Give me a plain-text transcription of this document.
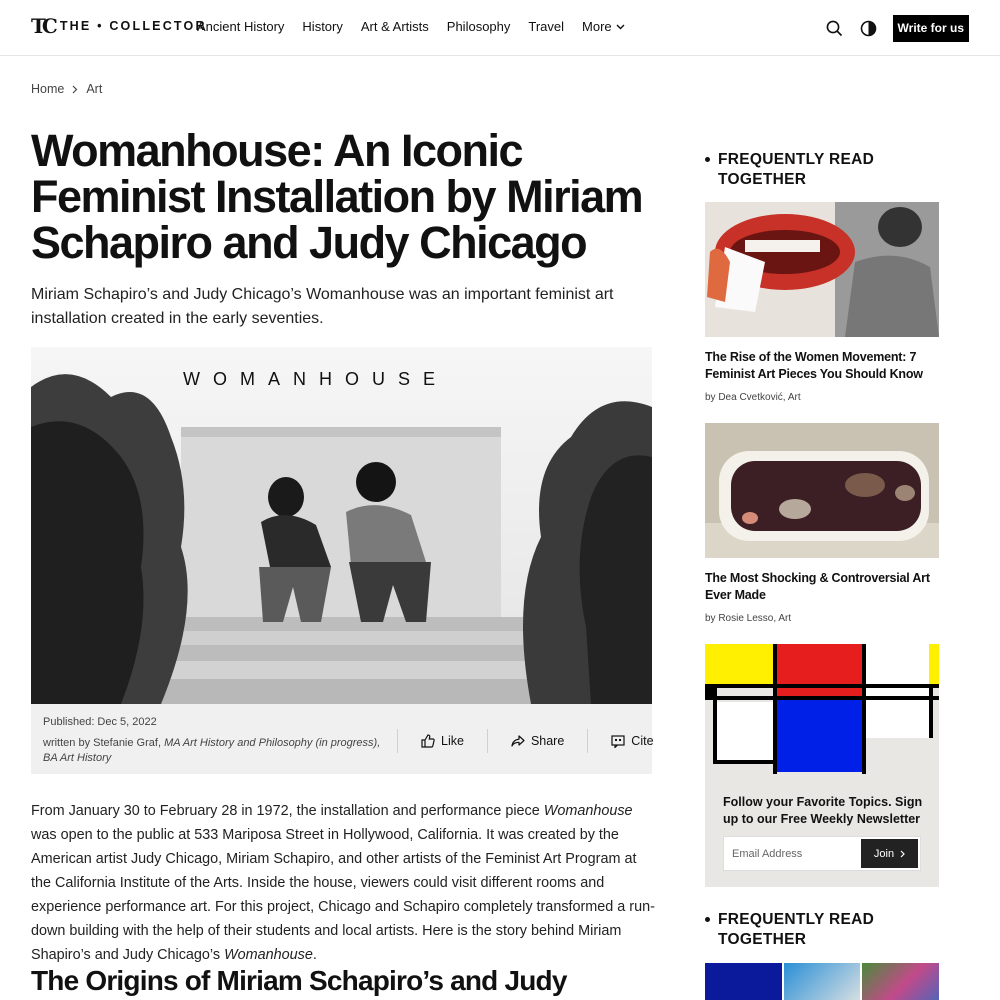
TC THE • COLLECTOR
Ancient History History Art & Artists Philosophy Travel More	Write for us
Home Art
Womanhouse: An Iconic Feminist Installation by Miriam Schapiro and Judy Chicago

Miriam Schapiro’s and Judy Chicago’s Womanhouse was an important feminist art installation created in the early seventies.

WOMANHOUSE
Published: Dec 5, 2022
written by Stefanie Graf, MA Art History and Philosophy (in progress), BA Art History
Like	Share	Cite

From January 30 to February 28 in 1972, the installation and performance piece Womanhouse was open to the public at 533 Mariposa Street in Hollywood, California. It was created by the American artist Judy Chicago, Miriam Schapiro, and other artists of the Feminist Art Program at the California Institute of the Arts. Inside the house, viewers could visit different rooms and experience performance art. For this project, Chicago and Schapiro completely transformed a run-down building with the help of their students and local artists. Here is the story behind Miriam Shapiro’s and Judy Chicago’s Womanhouse.

The Origins of Miriam Schapiro’s and Judy
FREQUENTLY READ TOGETHER
The Rise of the Women Movement: 7 Feminist Art Pieces You Should Know
by Dea Cvetković, Art
The Most Shocking & Controversial Art Ever Made
by Rosie Lesso, Art
Follow your Favorite Topics. Sign up to our Free Weekly Newsletter
Email Address
Join
FREQUENTLY READ TOGETHER
